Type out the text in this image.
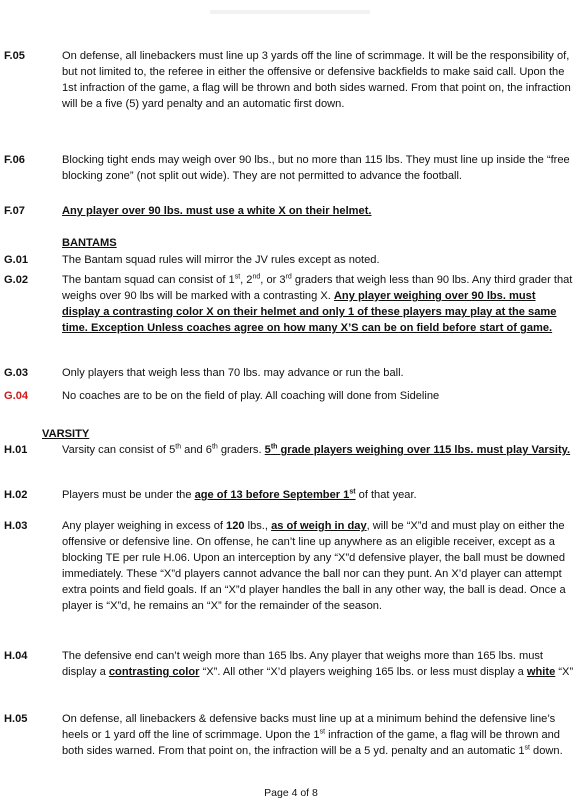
F.05	On defense, all linebackers must line up 3 yards off the line of scrimmage. It will be the responsibility of, but not limited to, the referee in either the offensive or defensive backfields to make said call. Upon the 1st infraction of the game, a flag will be thrown and both sides warned. From that point on, the infraction will be a five (5) yard penalty and an automatic first down.
F.06	Blocking tight ends may weigh over 90 lbs., but no more than 115 lbs. They must line up inside the “free blocking zone” (not split out wide). They are not permitted to advance the football.
F.07	Any player over 90 lbs. must use a white X on their helmet.
BANTAMS
G.01	The Bantam squad rules will mirror the JV rules except as noted.
G.02	The bantam squad can consist of 1st, 2nd, or 3rd graders that weigh less than 90 lbs. Any third grader that weighs over 90 lbs will be marked with a contrasting X. Any player weighing over 90 lbs. must display a contrasting color X on their helmet and only 1 of these players may play at the same time. Exception Unless coaches agree on how many X’S can be on field before start of game.
G.03	Only players that weigh less than 70 lbs. may advance or run the ball.
G.04	No coaches are to be on the field of play. All coaching will done from Sideline
VARSITY
H.01	Varsity can consist of 5th and 6th graders. 5th grade players weighing over 115 lbs. must play Varsity.
H.02	Players must be under the age of 13 before September 1st of that year.
H.03	Any player weighing in excess of 120 lbs., as of weigh in day, will be “X”d and must play on either the offensive or defensive line. On offense, he can’t line up anywhere as an eligible receiver, except as a blocking TE per rule H.06. Upon an interception by any “X”d defensive player, the ball must be downed immediately. These “X”d players cannot advance the ball nor can they punt. An X’d player can attempt extra points and field goals. If an “X”d player handles the ball in any other way, the ball is dead. Once a player is “X”d, he remains an “X” for the remainder of the season.
H.04	The defensive end can’t weigh more than 165 lbs. Any player that weighs more than 165 lbs. must display a contrasting color “X”. All other “X’d players weighing 165 lbs. or less must display a white “X”
H.05	On defense, all linebackers & defensive backs must line up at a minimum behind the defensive line’s heels or 1 yard off the line of scrimmage. Upon the 1st infraction of the game, a flag will be thrown and both sides warned. From that point on, the infraction will be a 5 yd. penalty and an automatic 1st down.
Page 4 of 8
